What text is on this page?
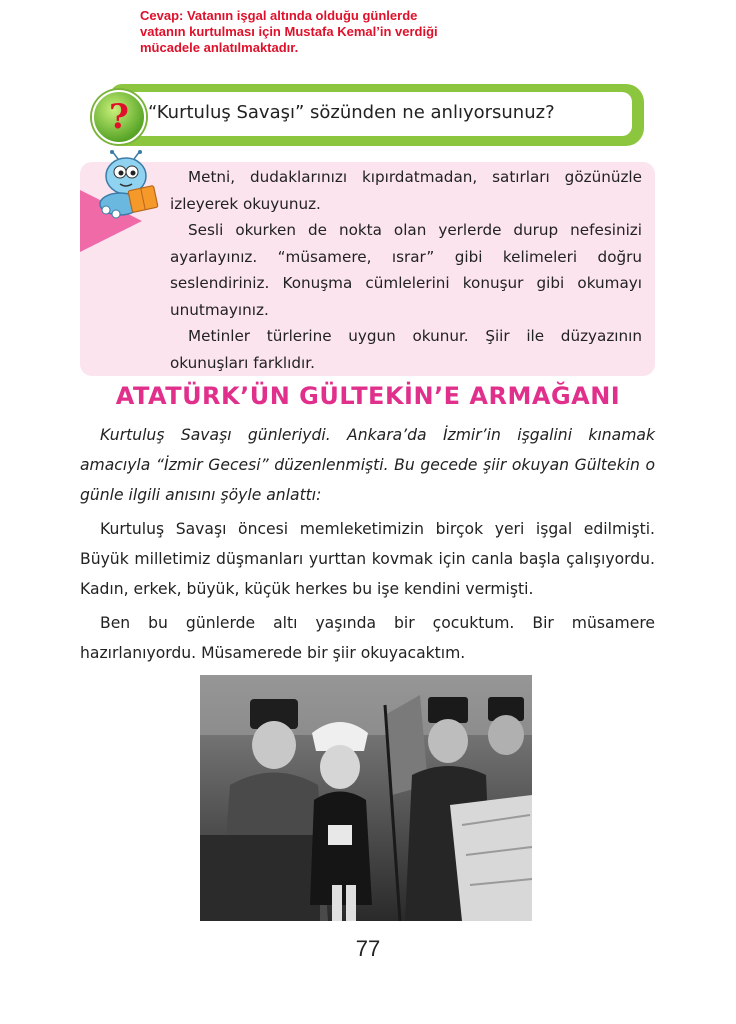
Cevap: Vatanın işgal altında olduğu günlerde
vatanın kurtulması için Mustafa Kemal’in verdiği
mücadele anlatılmaktadır.
?	“Kurtuluş Savaşı” sözünden ne anlıyorsunuz?

Metni, dudaklarınızı kıpırdatmadan, satırları gözünüzle izleyerek okuyunuz.

Sesli okurken de nokta olan yerlerde durup nefesinizi ayarlayınız. “müsamere, ısrar” gibi kelimeleri doğru seslendiriniz. Konuşma cümlelerini konuşur gibi okumayı unutmayınız.

Metinler türlerine uygun okunur. Şiir ile düzyazının okunuşları farklıdır.

ATATÜRK’ÜN GÜLTEKİN’E ARMAĞANI

Kurtuluş Savaşı günleriydi. Ankara’da İzmir’in işgalini kınamak amacıyla “İzmir Gecesi” düzenlenmişti. Bu gecede şiir okuyan Gültekin o günle ilgili anısını şöyle anlattı:

Kurtuluş Savaşı öncesi memleketimizin birçok yeri işgal edilmişti. Büyük milletimiz düşmanları yurttan kovmak için canla başla çalışıyordu. Kadın, erkek, büyük, küçük herkes bu işe kendini vermişti.

Ben bu günlerde altı yaşında bir çocuktum. Bir müsamere hazırlanıyordu. Müsamerede bir şiir okuyacaktım.

77
